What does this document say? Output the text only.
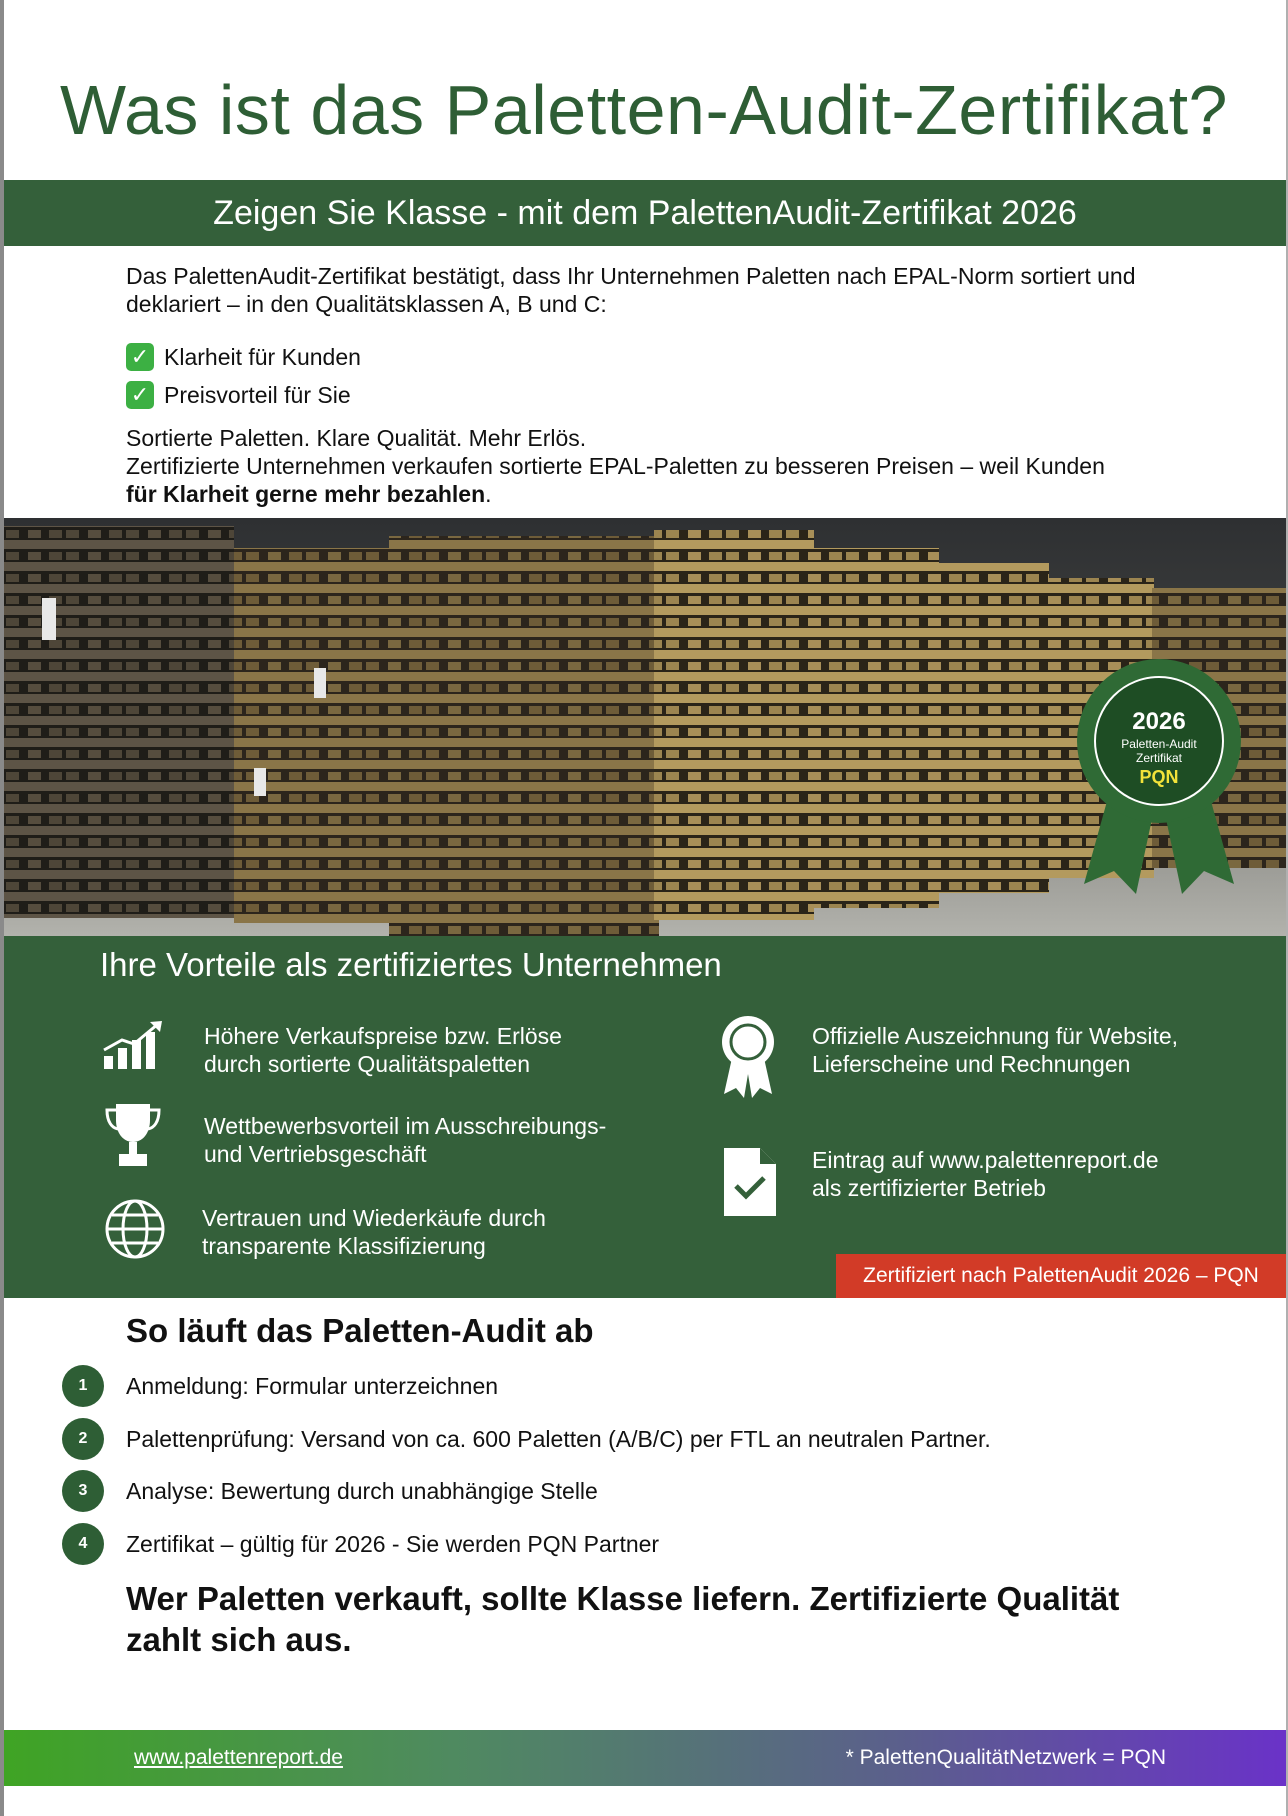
Was ist das Paletten-Audit-Zertifikat?
Zeigen Sie Klasse - mit dem PalettenAudit-Zertifikat 2026
Das PalettenAudit-Zertifikat bestätigt, dass Ihr Unternehmen Paletten nach EPAL-Norm sortiert und deklariert – in den Qualitätsklassen A, B und C:
✓ Klarheit für Kunden
✓ Preisvorteil für Sie
Sortierte Paletten. Klare Qualität. Mehr Erlös.
Zertifizierte Unternehmen verkaufen sortierte EPAL-Paletten zu besseren Preisen – weil Kunden
für Klarheit gerne mehr bezahlen.
2026
Paletten-Audit
Zertifikat
PQN
Ihre Vorteile als zertifiziertes Unternehmen
Höhere Verkaufspreise bzw. Erlöse
durch sortierte Qualitätspaletten
Wettbewerbsvorteil im Ausschreibungs-
und Vertriebsgeschäft
Vertrauen und Wiederkäufe durch
transparente Klassifizierung
Offizielle Auszeichnung für Website,
Lieferscheine und Rechnungen
Eintrag auf www.palettenreport.de
als zertifizierter Betrieb
Zertifiziert nach PalettenAudit 2026 – PQN
So läuft das Paletten-Audit ab
1	Anmeldung: Formular unterzeichnen
2	Palettenprüfung: Versand von ca. 600 Paletten (A/B/C) per FTL an neutralen Partner.
3	Analyse: Bewertung durch unabhängige Stelle
4	Zertifikat – gültig für 2026 - Sie werden PQN Partner
Wer Paletten verkauft, sollte Klasse liefern. Zertifizierte Qualität zahlt sich aus.
www.palettenreport.de	* PalettenQualitätNetzwerk = PQN
